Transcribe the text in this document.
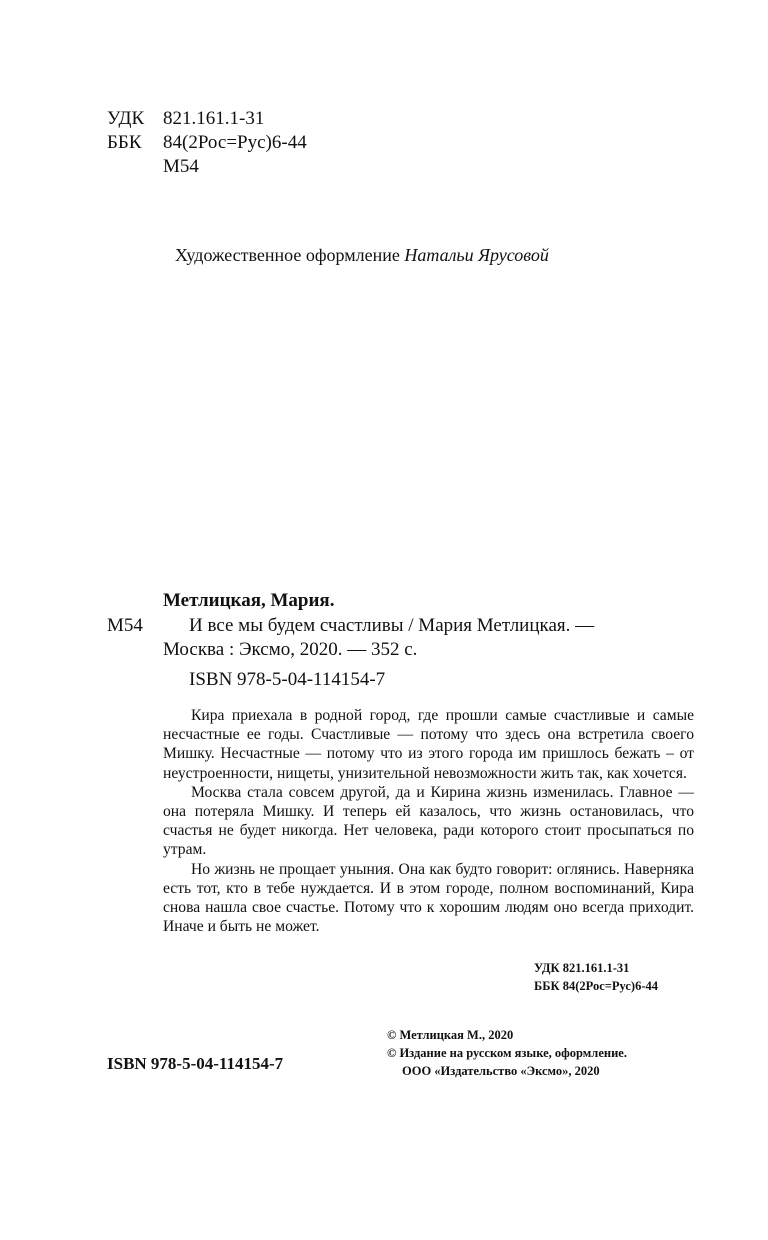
УДК 821.161.1-31
ББК 84(2Рос=Рус)6-44
М54
Художественное оформление Натальи Ярусовой
Метлицкая, Мария.
М54 И все мы будем счастливы / Мария Метлицкая. —
Москва : Эксмо, 2020. — 352 с.
ISBN 978-5-04-114154-7

Кира приехала в родной город, где прошли самые счастливые и самые несчастные ее годы. Счастливые — потому что здесь она встретила своего Мишку. Несчастные — потому что из этого города им пришлось бежать – от неустроенности, нищеты, унизительной невозможности жить так, как хочется.

Москва стала совсем другой, да и Кирина жизнь изменилась. Главное — она потеряла Мишку. И теперь ей казалось, что жизнь остановилась, что счастья не будет никогда. Нет человека, ради которого стоит просыпаться по утрам.

Но жизнь не прощает уныния. Она как будто говорит: оглянись. Наверняка есть тот, кто в тебе нуждается. И в этом городе, полном воспоминаний, Кира снова нашла свое счастье. Потому что к хорошим людям оно всегда приходит. Иначе и быть не может.

УДК 821.161.1-31
ББК 84(2Рос=Рус)6-44
ISBN 978-5-04-114154-7
© Метлицкая М., 2020
© Издание на русском языке, оформление.
ООО «Издательство «Эксмо», 2020
